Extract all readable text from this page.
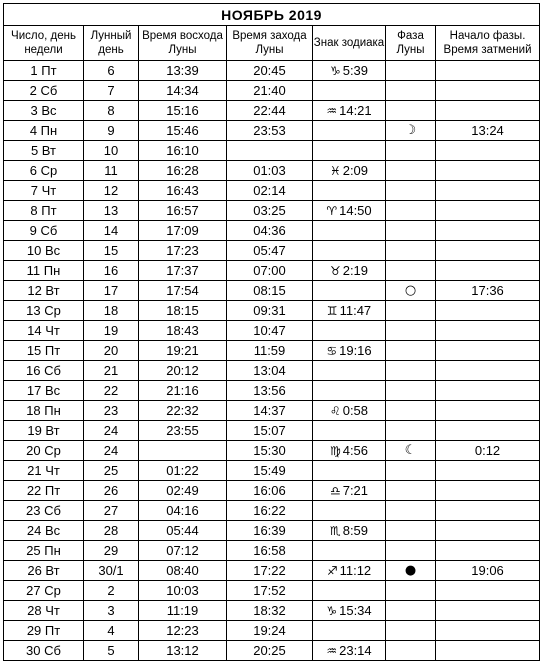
НОЯБРЬ 2019						
Число, день недели	Лунный день	Время восхода Луны	Время захода Луны	Знак зодиака	Фаза Луны	Начало фазы. Время затмений
1 Пт	6	13:39	20:45	♑ 5:39		
2 Сб	7	14:34	21:40			
3 Вс	8	15:16	22:44	♒ 14:21		
4 Пн	9	15:46	23:53		☽	13:24
5 Вт	10	16:10				
6 Ср	11	16:28	01:03	♓ 2:09		
7 Чт	12	16:43	02:14			
8 Пт	13	16:57	03:25	♈ 14:50		
9 Сб	14	17:09	04:36			
10 Вс	15	17:23	05:47			
11 Пн	16	17:37	07:00	♉ 2:19		
12 Вт	17	17:54	08:15		○	17:36
13 Ср	18	18:15	09:31	♊ 11:47		
14 Чт	19	18:43	10:47			
15 Пт	20	19:21	11:59	♋ 19:16		
16 Сб	21	20:12	13:04			
17 Вс	22	21:16	13:56			
18 Пн	23	22:32	14:37	♌ 0:58		
19 Вт	24	23:55	15:07			
20 Ср	24		15:30	♍ 4:56	☾	0:12
21 Чт	25	01:22	15:49			
22 Пт	26	02:49	16:06	♎ 7:21		
23 Сб	27	04:16	16:22			
24 Вс	28	05:44	16:39	♏ 8:59		
25 Пн	29	07:12	16:58			
26 Вт	30/1	08:40	17:22	♐ 11:12	●	19:06
27 Ср	2	10:03	17:52			
28 Чт	3	11:19	18:32	♑ 15:34		
29 Пт	4	12:23	19:24			
30 Сб	5	13:12	20:25	♒ 23:14		
